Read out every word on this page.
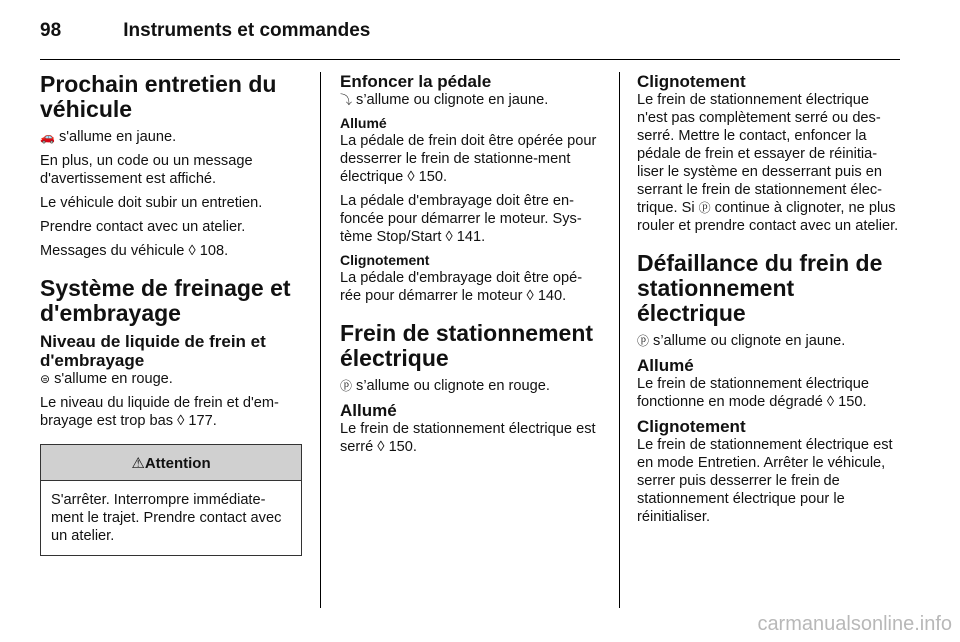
98	Instruments et commandes
Prochain entretien du véhicule

🚗 s'allume en jaune.

En plus, un code ou un message d'avertissement est affiché.

Le véhicule doit subir un entretien.

Prendre contact avec un atelier.

Messages du véhicule ◊ 108.

Système de freinage et d'embrayage
Niveau de liquide de frein et d'embrayage

⊜ s'allume en rouge.

Le niveau du liquide de frein et d'em-brayage est trop bas ◊ 177.

⚠Attention
S'arrêter. Interrompre immédiate-ment le trajet. Prendre contact avec un atelier.
Enfoncer la pédale

⤵ s’allume ou clignote en jaune.

Allumé

La pédale de frein doit être opérée pour desserrer le frein de stationne-ment électrique ◊ 150.

La pédale d'embrayage doit être en-foncée pour démarrer le moteur. Sys-tème Stop/Start ◊ 141.

Clignotement

La pédale d'embrayage doit être opé-rée pour démarrer le moteur ◊ 140.

Frein de stationnement électrique

ⓟ s’allume ou clignote en rouge.

Allumé

Le frein de stationnement électrique est serré ◊ 150.

Clignotement

Le frein de stationnement électrique n'est pas complètement serré ou des-serré. Mettre le contact, enfoncer la pédale de frein et essayer de réinitia-liser le système en desserrant puis en serrant le frein de stationnement élec-trique. Si ⓟ continue à clignoter, ne plus rouler et prendre contact avec un atelier.

Défaillance du frein de stationnement électrique

ⓟ s’allume ou clignote en jaune.

Allumé

Le frein de stationnement électrique fonctionne en mode dégradé ◊ 150.

Clignotement

Le frein de stationnement électrique est en mode Entretien. Arrêter le véhicule, serrer puis desserrer le frein de stationnement électrique pour le réinitialiser.

carmanualsonline.info
